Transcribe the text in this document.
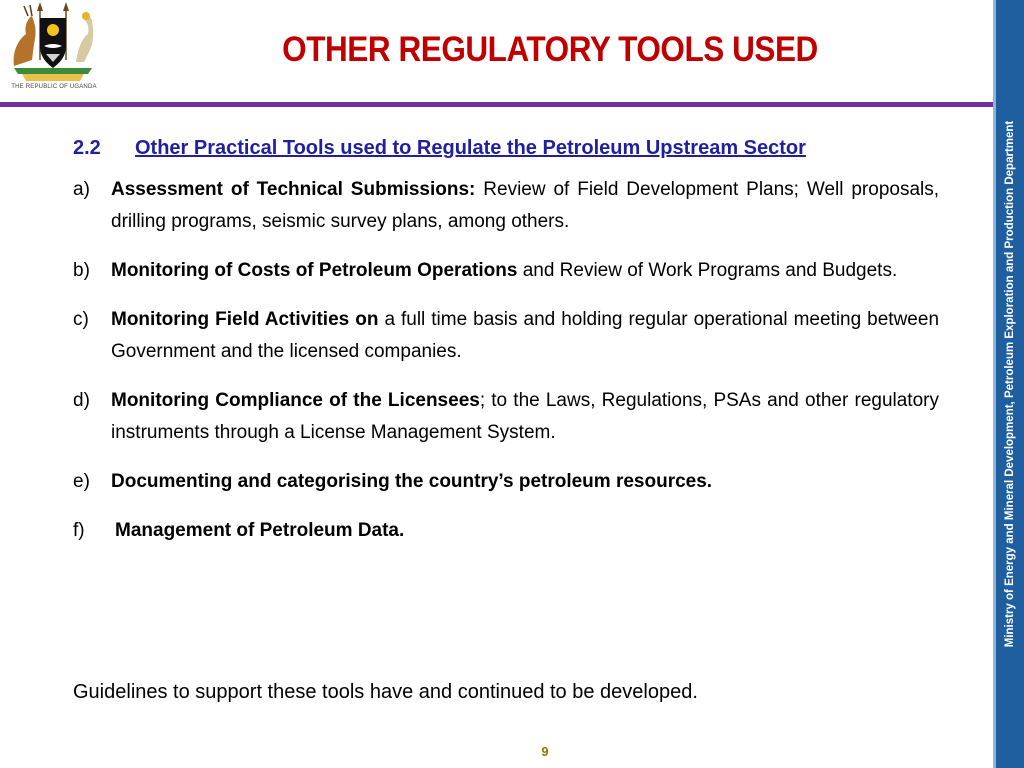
THE REPUBLIC OF UGANDA
OTHER REGULATORY TOOLS USED
Ministry of Energy and Mineral Development, Petroleum Exploration and Production Department
2.2 Other Practical Tools used to Regulate the Petroleum Upstream Sector
a) Assessment of Technical Submissions: Review of Field Development Plans; Well proposals, drilling programs, seismic survey plans, among others.
b) Monitoring of Costs of Petroleum Operations and Review of Work Programs and Budgets.
c) Monitoring Field Activities on a full time basis and holding regular operational meeting between Government and the licensed companies.
d) Monitoring Compliance of the Licensees; to the Laws, Regulations, PSAs and other regulatory instruments through a License Management System.
e) Documenting and categorising the country’s petroleum resources.
f) Management of Petroleum Data.

Guidelines to support these tools have and continued to be developed.

9
